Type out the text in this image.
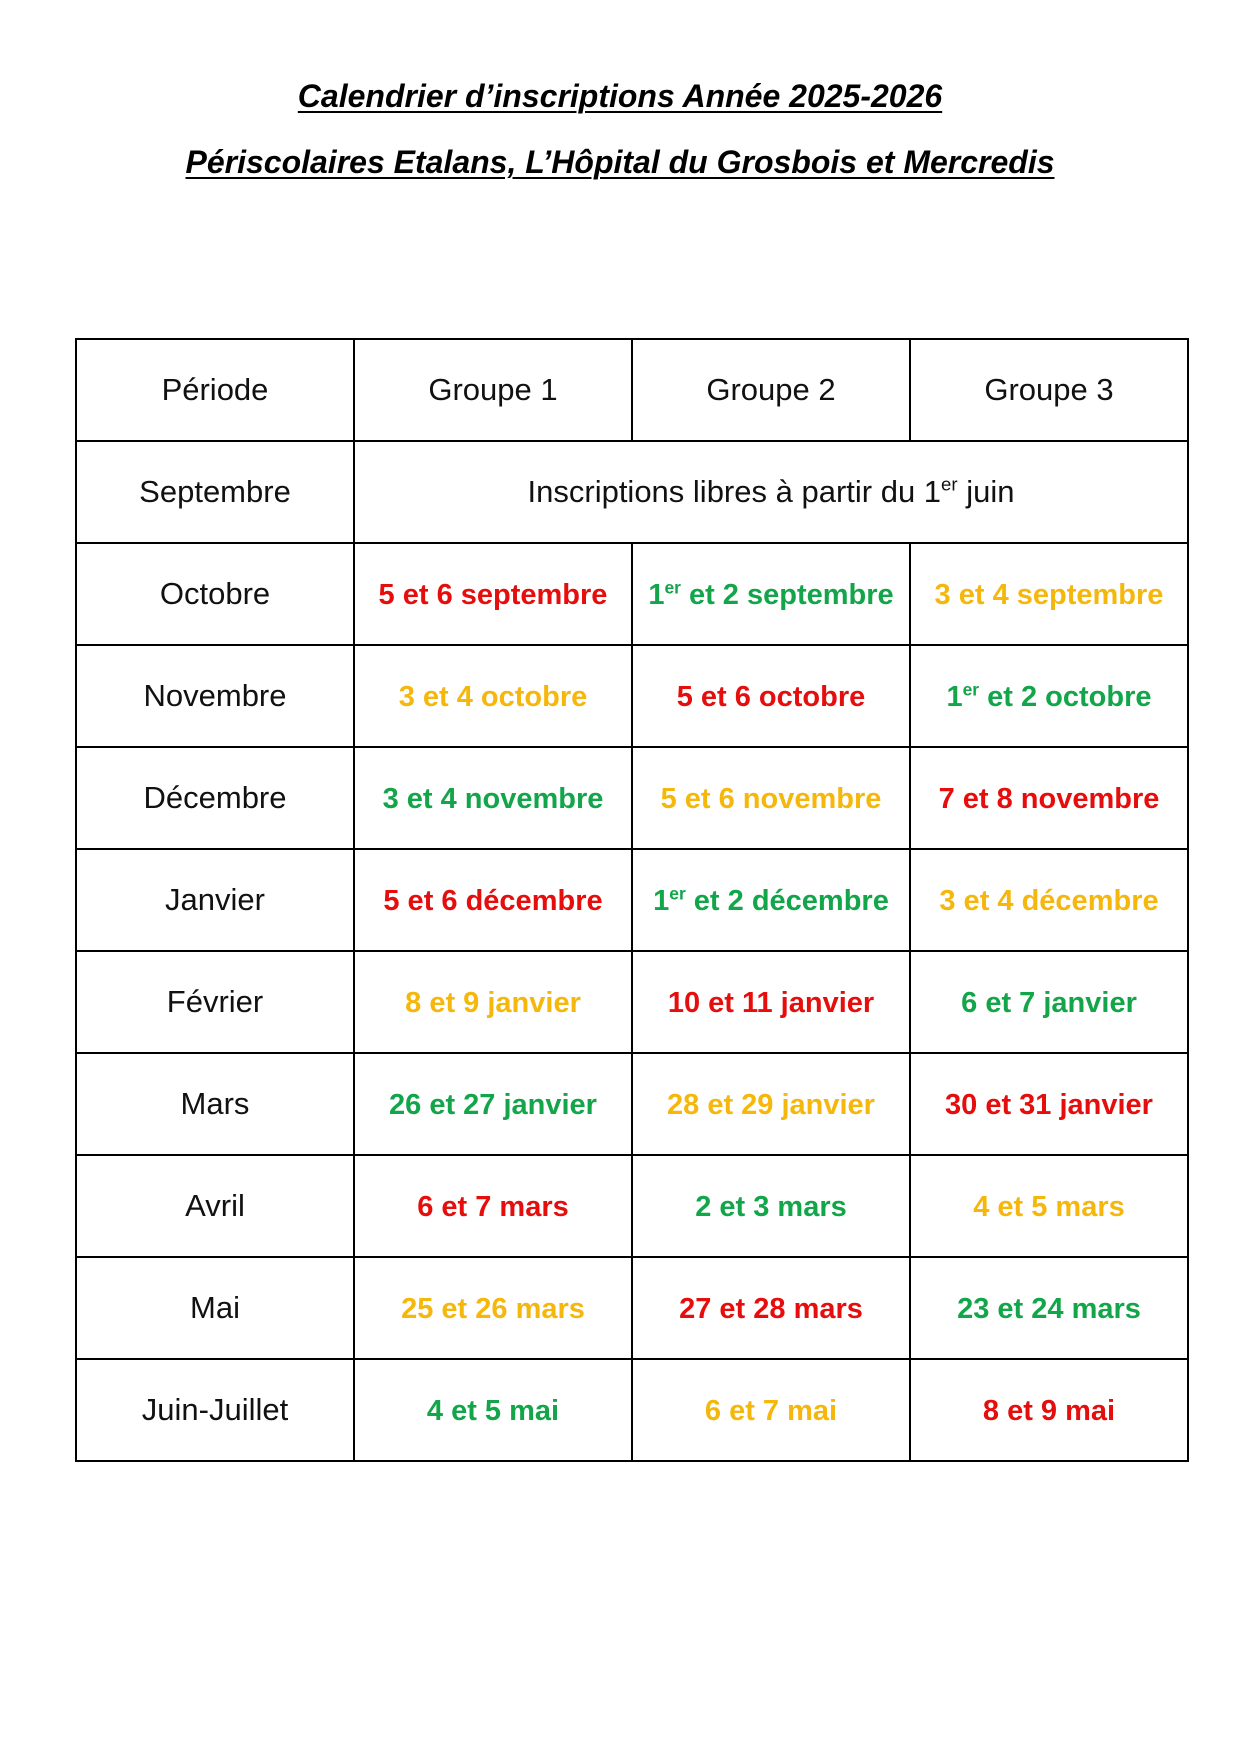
Calendrier d’inscriptions Année 2025-2026
Périscolaires Etalans, L’Hôpital du Grosbois et Mercredis
Période	Groupe 1	Groupe 2	Groupe 3
Septembre	Inscriptions libres à partir du 1er juin		
Octobre	5 et 6 septembre	1er et 2 septembre	3 et 4 septembre
Novembre	3 et 4 octobre	5 et 6 octobre	1er et 2 octobre
Décembre	3 et 4 novembre	5 et 6 novembre	7 et 8 novembre
Janvier	5 et 6 décembre	1er et 2 décembre	3 et 4 décembre
Février	8 et 9 janvier	10 et 11 janvier	6 et 7 janvier
Mars	26 et 27 janvier	28 et 29 janvier	30 et 31 janvier
Avril	6 et 7 mars	2 et 3 mars	4 et 5 mars
Mai	25 et 26 mars	27 et 28 mars	23 et 24 mars
Juin-Juillet	4 et 5 mai	6 et 7 mai	8 et 9 mai
